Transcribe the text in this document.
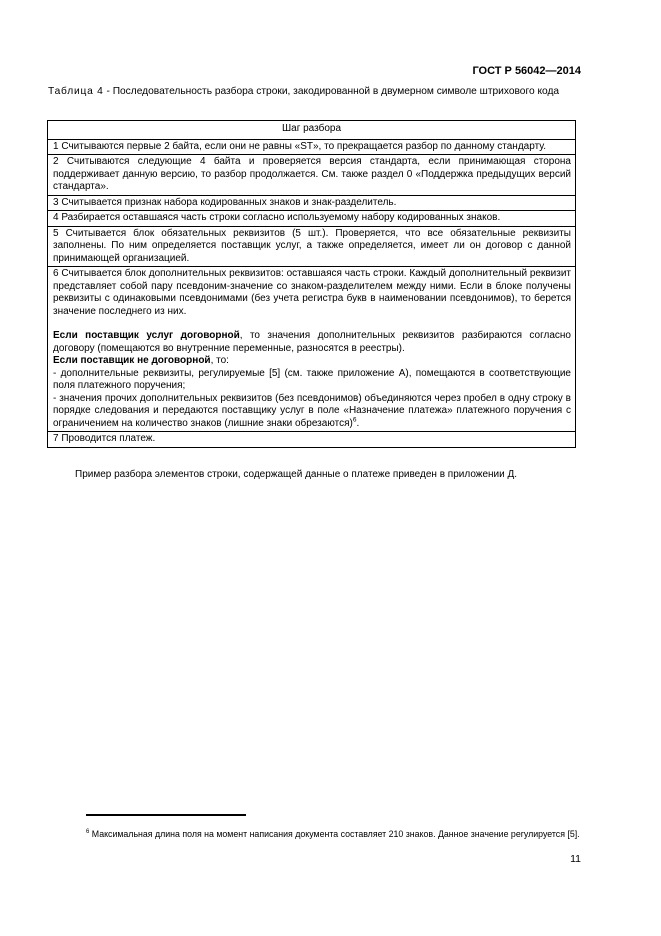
ГОСТ Р 56042—2014
Таблица 4 - Последовательность разбора строки, закодированной в двумерном символе штрихового кода
Шаг разбора
1 Считываются первые 2 байта, если они не равны «ST», то прекращается разбор по данному стандарту.
2 Считываются следующие 4 байта и проверяется версия стандарта, если принимающая сторона поддерживает данную версию, то разбор продолжается. См. также раздел 0 «Поддержка предыдущих версий стандарта».
3 Считывается признак набора кодированных знаков и знак-разделитель.
4 Разбирается оставшаяся часть строки согласно используемому набору кодированных знаков.
5 Считывается блок обязательных реквизитов (5 шт.). Проверяется, что все обязательные реквизиты заполнены. По ним определяется поставщик услуг, а также определяется, имеет ли он договор с данной принимающей организацией.

6 Считывается блок дополнительных реквизитов: оставшаяся часть строки. Каждый дополнительный реквизит представляет собой пару псевдоним-значение со знаком-разделителем между ними. Если в блоке получены реквизиты с одинаковыми псевдонимами (без учета регистра букв в наименовании псевдонимов), то берется значение последнего из них.

Если поставщик услуг договорной, то значения дополнительных реквизитов разбираются согласно договору (помещаются во внутренние переменные, разносятся в реестры).

Если поставщик не договорной, то:

- дополнительные реквизиты, регулируемые [5] (см. также приложение А), помещаются в соответствующие поля платежного поручения;

- значения прочих дополнительных реквизитов (без псевдонимов) объединяются через пробел в одну строку в порядке следования и передаются поставщику услуг в поле «Назначение платежа» платежного поручения с ограничением на количество знаков (лишние знаки обрезаются)$^6$.

7 Проводится платеж.
Пример разбора элементов строки, содержащей данные о платеже приведен в приложении Д.
$^6$ Максимальная длина поля на момент написания документа составляет 210 знаков. Данное значение регулируется [5].
11
